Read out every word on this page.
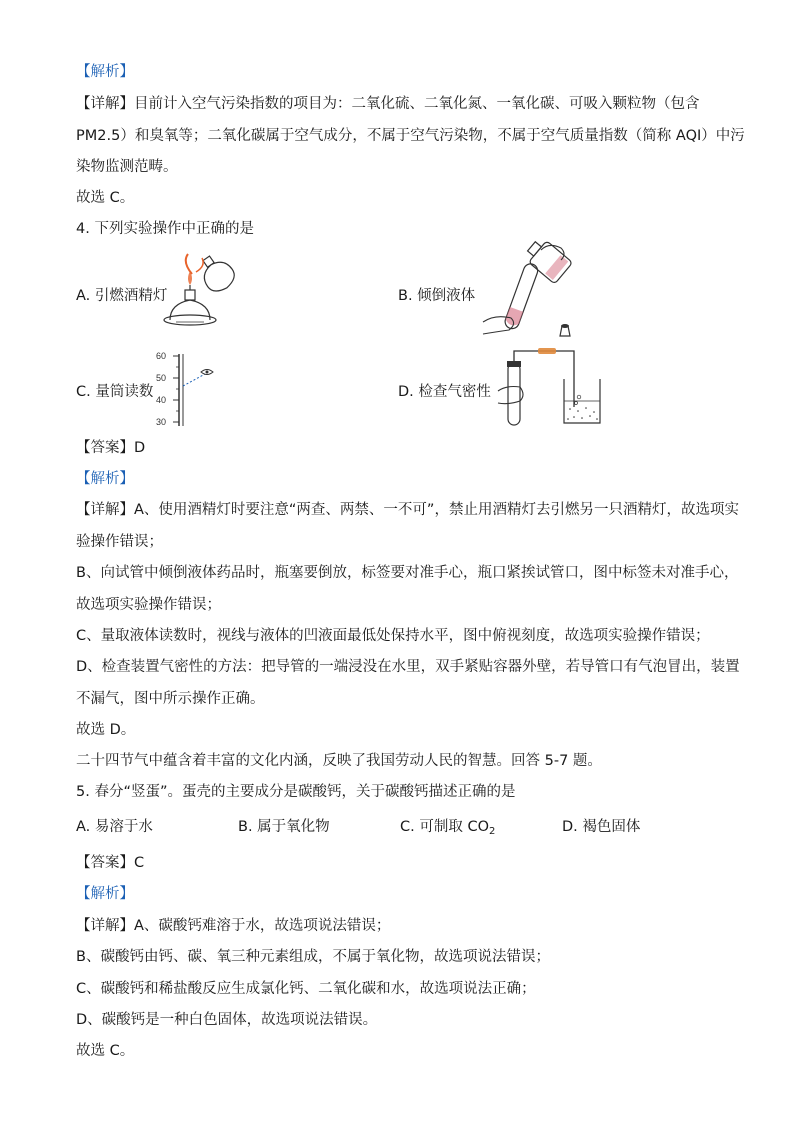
【解析】
【详解】目前计入空气污染指数的项目为：二氧化硫、二氧化氮、一氧化碳、可吸入颗粒物（包含
PM2.5）和臭氧等；二氧化碳属于空气成分，不属于空气污染物，不属于空气质量指数（简称 AQI）中污
染物监测范畴。
故选 C。
4. 下列实验操作中正确的是
A. 引燃酒精灯	B. 倾倒液体
C. 量筒读数
60
50
40
30
D. 检查气密性
【答案】D
【解析】
【详解】A、使用酒精灯时要注意“两查、两禁、一不可”，禁止用酒精灯去引燃另一只酒精灯，故选项实
验操作错误；
B、向试管中倾倒液体药品时，瓶塞要倒放，标签要对准手心，瓶口紧挨试管口，图中标签未对准手心，
故选项实验操作错误；
C、量取液体读数时，视线与液体的凹液面最低处保持水平，图中俯视刻度，故选项实验操作错误；
D、检查装置气密性的方法：把导管的一端浸没在水里，双手紧贴容器外壁，若导管口有气泡冒出，装置
不漏气，图中所示操作正确。
故选 D。
二十四节气中蕴含着丰富的文化内涵，反映了我国劳动人民的智慧。回答 5-7 题。
5. 春分“竖蛋”。蛋壳的主要成分是碳酸钙，关于碳酸钙描述正确的是
A. 易溶于水	B. 属于氧化物	C. 可制取 $CO_2$	D. 褐色固体
【答案】C
【解析】
【详解】A、碳酸钙难溶于水，故选项说法错误；
B、碳酸钙由钙、碳、氧三种元素组成，不属于氧化物，故选项说法错误；
C、碳酸钙和稀盐酸反应生成氯化钙、二氧化碳和水，故选项说法正确；
D、碳酸钙是一种白色固体，故选项说法错误。
故选 C。
